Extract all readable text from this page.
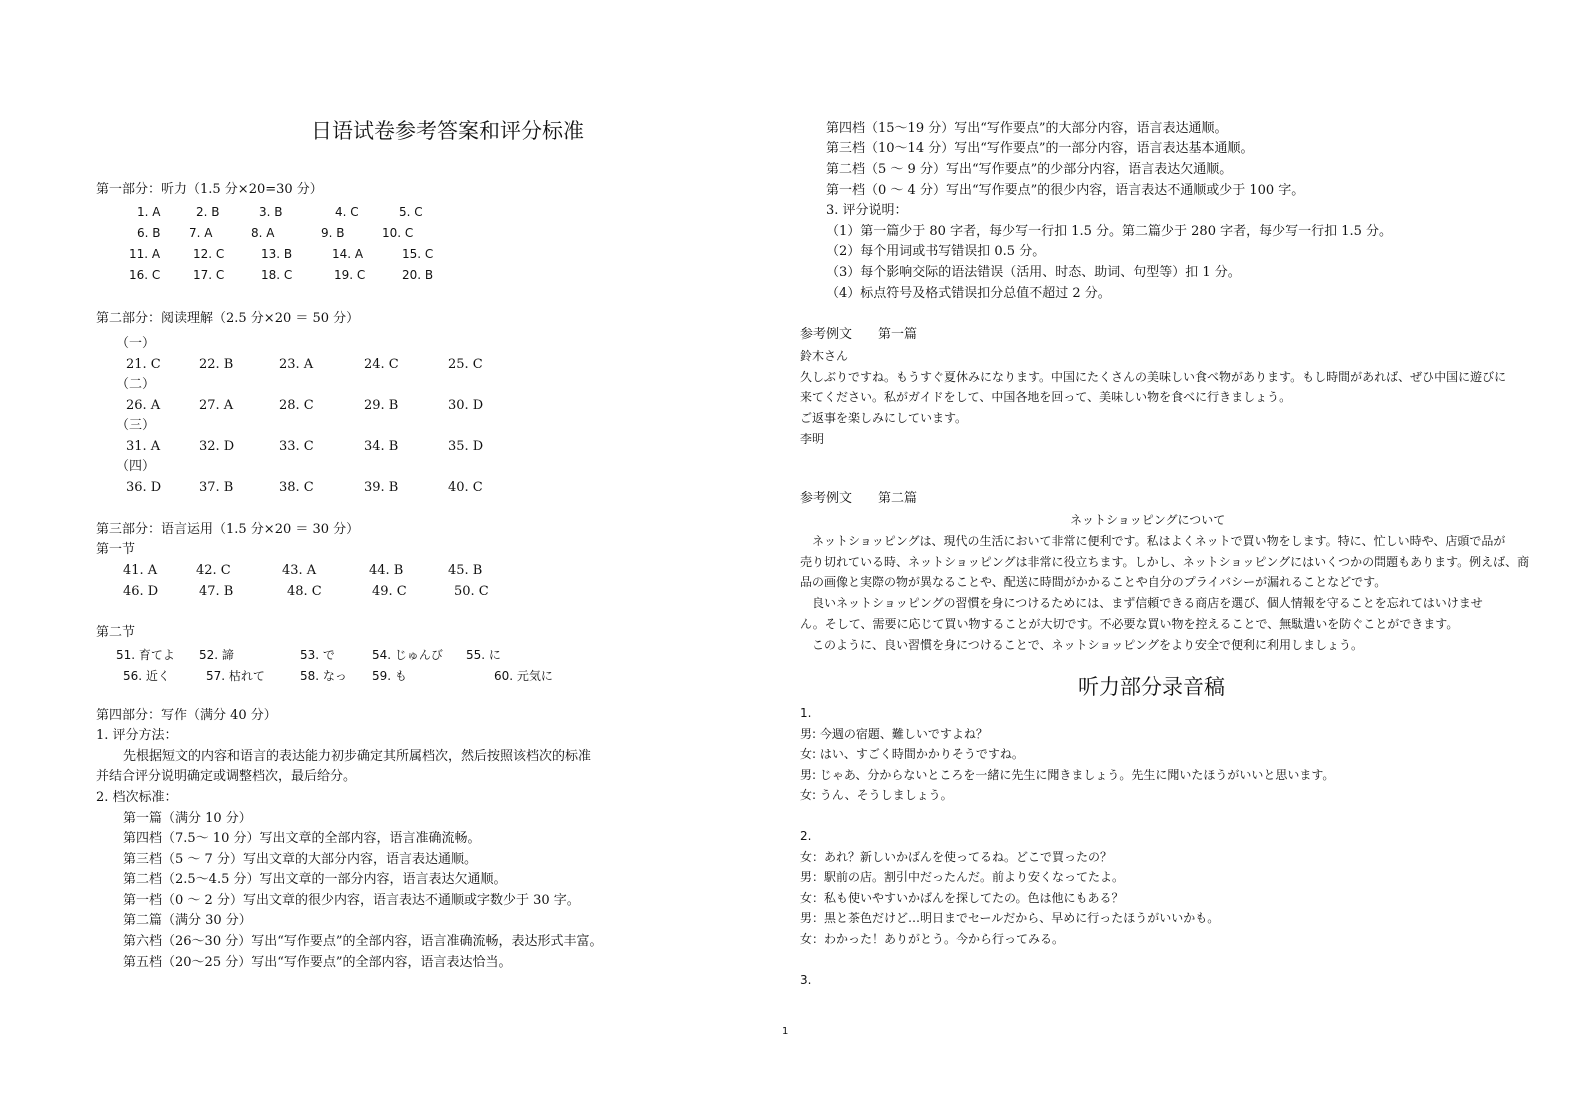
日语试卷参考答案和评分标准
第一部分：听力（1.5 分×20=30 分）
1. A	2. B	3. B	4. C	5. C
6. B 7. A	8. A	9. B	10. C
11. A	12. C	13. B	14. A	15. C
16. C	17. C	18. C	19. C	20. B
第二部分：阅读理解（2.5 分×20 ＝ 50 分）
（一）
21. C	22. B	23. A	24. C	25. C
（二）
26. A	27. A	28. C	29. B	30. D
（三）
31. A	32. D	33. C	34. B	35. D
（四）
36. D	37. B	38. C	39. B	40. C
第三部分：语言运用（1.5 分×20 ＝ 30 分）
第一节
41. A	42. C	43. A	44. B	45. B
46. D	47. B	48. C	49. C	50. C
第二节
51. 育てよ 52. 諦	53. で	54. じゅんび 55. に
56. 近く	57. 枯れて	58. なっ 59. も	60. 元気に
第四部分：写作（满分 40 分）
1. 评分方法：
先根据短文的内容和语言的表达能力初步确定其所属档次，然后按照该档次的标准
并结合评分说明确定或调整档次，最后给分。
2. 档次标准：
第一篇（满分 10 分）
第四档（7.5～ 10 分）写出文章的全部内容，语言准确流畅。
第三档（5 ～ 7 分）写出文章的大部分内容，语言表达通顺。
第二档（2.5～4.5 分）写出文章的一部分内容，语言表达欠通顺。
第一档（0 ～ 2 分）写出文章的很少内容，语言表达不通顺或字数少于 30 字。
第二篇（满分 30 分）
第六档（26～30 分）写出“写作要点”的全部内容，语言准确流畅，表达形式丰富。
第五档（20～25 分）写出“写作要点”的全部内容，语言表达恰当。
第四档（15～19 分）写出“写作要点”的大部分内容，语言表达通顺。
第三档（10～14 分）写出“写作要点”的一部分内容，语言表达基本通顺。
第二档（5 ～ 9 分）写出“写作要点”的少部分内容，语言表达欠通顺。
第一档（0 ～ 4 分）写出“写作要点”的很少内容，语言表达不通顺或少于 100 字。
3. 评分说明：
（1）第一篇少于 80 字者，每少写一行扣 1.5 分。第二篇少于 280 字者，每少写一行扣 1.5 分。
（2）每个用词或书写错误扣 0.5 分。
（3）每个影响交际的语法错误（活用、时态、助词、句型等）扣 1 分。
（4）标点符号及格式错误扣分总值不超过 2 分。
参考例文　　第一篇
鈴木さん
久しぶりですね。もうすぐ夏休みになります。中国にたくさんの美味しい食べ物があります。もし時間があれば、ぜひ中国に遊びに
来てください。私がガイドをして、中国各地を回って、美味しい物を食べに行きましょう。
ご返事を楽しみにしています。
李明
参考例文　　第二篇
ネットショッピングについて
　ネットショッピングは、現代の生活において非常に便利です。私はよくネットで買い物をします。特に、忙しい時や、店頭で品が
売り切れている時、ネットショッピングは非常に役立ちます。しかし、ネットショッピングにはいくつかの問題もあります。例えば、商
品の画像と実際の物が異なることや、配送に時間がかかることや自分のプライバシーが漏れることなどです。
　良いネットショッピングの習慣を身につけるためには、まず信頼できる商店を選び、個人情報を守ることを忘れてはいけませ
ん。そして、需要に応じて買い物することが大切です。不必要な買い物を控えることで、無駄遣いを防ぐことができます。
　このように、良い習慣を身につけることで、ネットショッピングをより安全で便利に利用しましょう。
听力部分录音稿
1.
男: 今週の宿題、難しいですよね？
女: はい、すごく時間かかりそうですね。
男: じゃあ、分からないところを一緒に先生に聞きましょう。先生に聞いたほうがいいと思います。
女: うん、そうしましょう。
2.
女：あれ？新しいかばんを使ってるね。どこで買ったの？
男：駅前の店。割引中だったんだ。前より安くなってたよ。
女：私も使いやすいかばんを探してたの。色は他にもある？
男：黒と茶色だけど…明日までセールだから、早めに行ったほうがいいかも。
女：わかった！ありがとう。今から行ってみる。
3.
1
